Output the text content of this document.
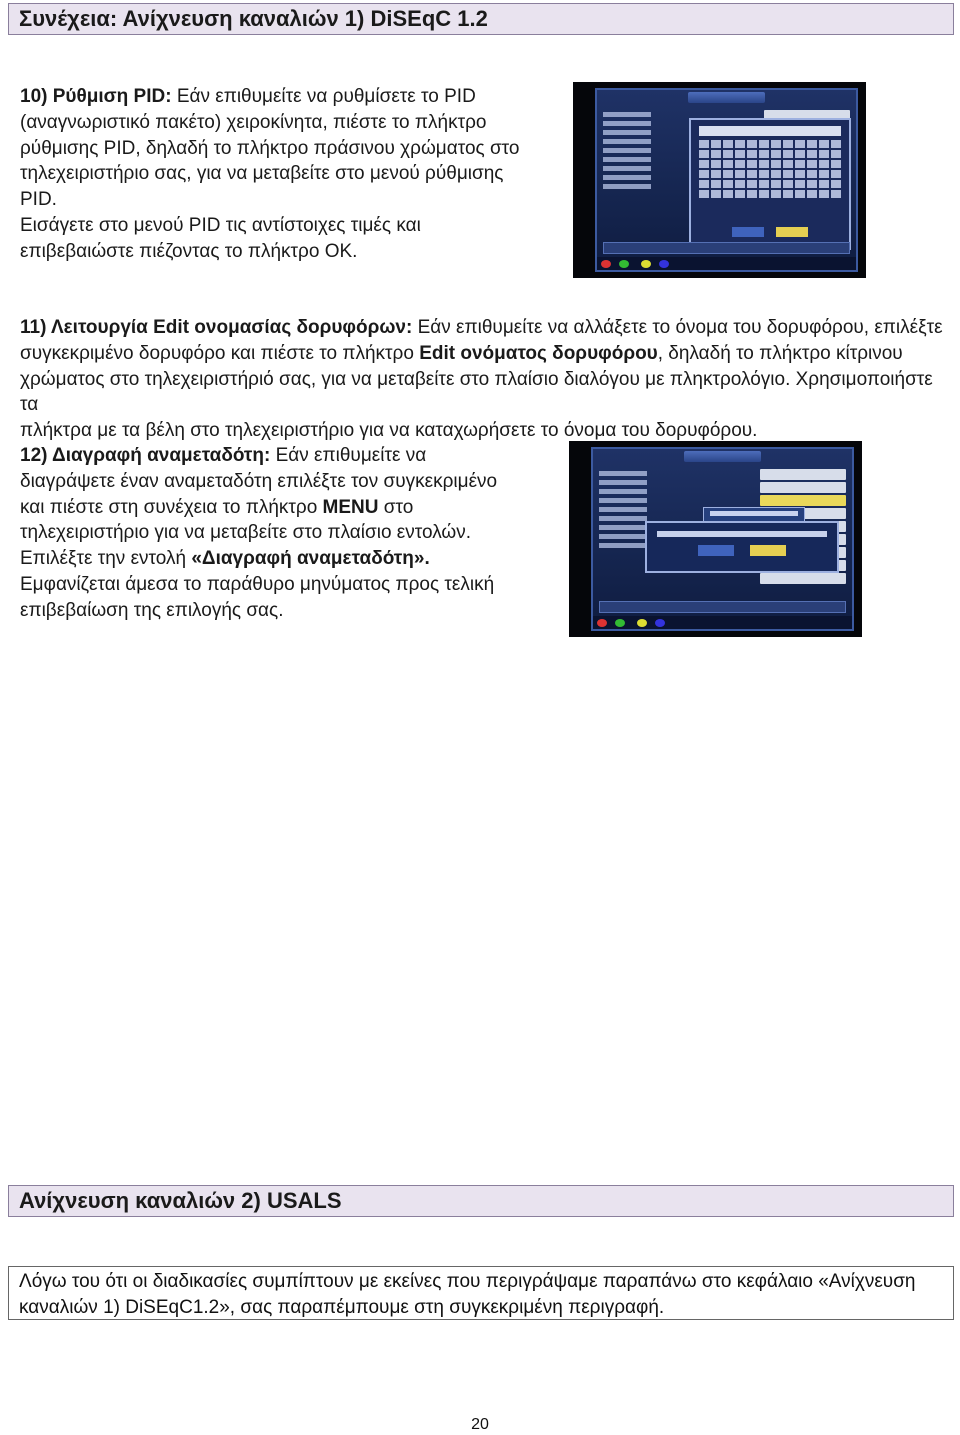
Συνέχεια: Ανίχνευση καναλιών 1) DiSEqC 1.2
10) Ρύθμιση PID: Εάν επιθυμείτε να ρυθμίσετε το PID
(αναγνωριστικό πακέτο) χειροκίνητα, πιέστε το πλήκτρο
ρύθμισης PID, δηλαδή το πλήκτρο πράσινου χρώματος στο
τηλεχειριστήριο σας, για να μεταβείτε στο μενού ρύθμισης
PID.
Εισάγετε στο μενού PID τις αντίστοιχες τιμές και
επιβεβαιώστε πιέζοντας το πλήκτρο ΟΚ.

11) Λειτουργία Edit ονομασίας δορυφόρων: Εάν επιθυμείτε να αλλάξετε το όνομα του δορυφόρου, επιλέξτε
συγκεκριμένο δορυφόρο και πιέστε το πλήκτρο Edit ονόματος δορυφόρου, δηλαδή το πλήκτρο κίτρινου
χρώματος στο τηλεχειριστήριό σας, για να μεταβείτε στο πλαίσιο διαλόγου με πληκτρολόγιο. Χρησιμοποιήστε τα
πλήκτρα με τα βέλη στο τηλεχειριστήριο για να καταχωρήσετε το όνομα του δορυφόρου.
12) Διαγραφή αναμεταδότη: Εάν επιθυμείτε να
διαγράψετε έναν αναμεταδότη επιλέξτε τον συγκεκριμένο
και πιέστε στη συνέχεια το πλήκτρο MENU στο
τηλεχειριστήριο για να μεταβείτε στο πλαίσιο εντολών.
Επιλέξτε την εντολή «Διαγραφή αναμεταδότη».
Εμφανίζεται άμεσα το παράθυρο μηνύματος προς τελική
επιβεβαίωση της επιλογής σας.

Ανίχνευση καναλιών 2) USALS
Λόγω του ότι οι διαδικασίες συμπίπτουν με εκείνες που περιγράψαμε παραπάνω στο κεφάλαιο «Ανίχνευση
καναλιών 1) DiSEqC1.2», σας παραπέμπουμε στη συγκεκριμένη περιγραφή.
20
